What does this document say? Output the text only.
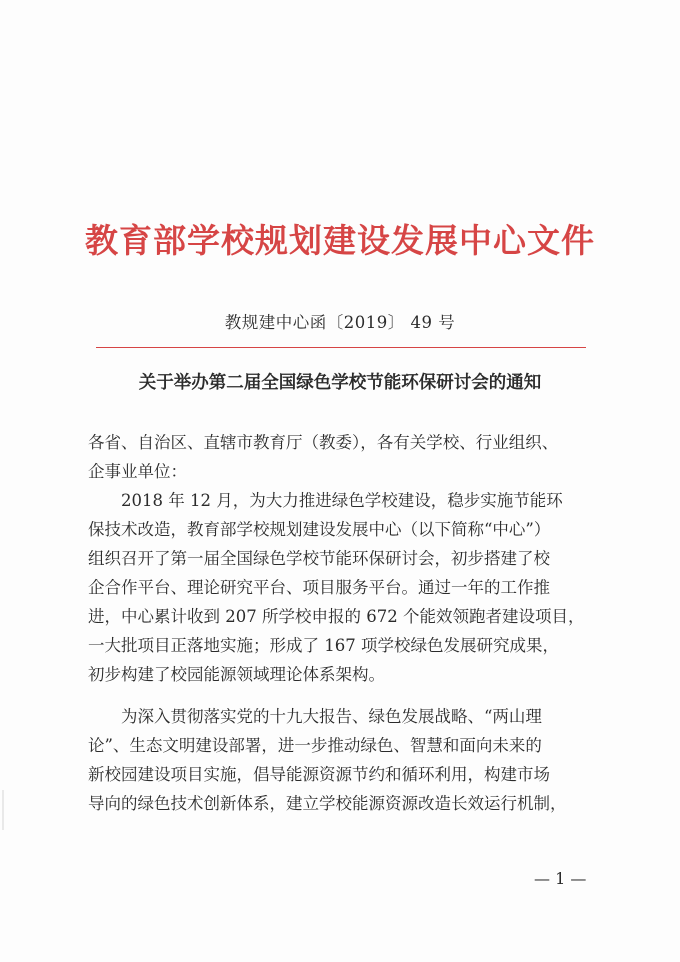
教育部学校规划建设发展中心文件
教规建中心函〔2019〕 49 号
关于举办第二届全国绿色学校节能环保研讨会的通知
各省、自治区、直辖市教育厅（教委），各有关学校、行业组织、
企事业单位：
　　2018 年 12 月，为大力推进绿色学校建设，稳步实施节能环
保技术改造，教育部学校规划建设发展中心（以下简称“中心”）
组织召开了第一届全国绿色学校节能环保研讨会，初步搭建了校
企合作平台、理论研究平台、项目服务平台。通过一年的工作推
进，中心累计收到 207 所学校申报的 672 个能效领跑者建设项目，
一大批项目正落地实施；形成了 167 项学校绿色发展研究成果，
初步构建了校园能源领域理论体系架构。
　　为深入贯彻落实党的十九大报告、绿色发展战略、“两山理
论”、生态文明建设部署，进一步推动绿色、智慧和面向未来的
新校园建设项目实施，倡导能源资源节约和循环利用，构建市场
导向的绿色技术创新体系，建立学校能源资源改造长效运行机制，
— 1 —
